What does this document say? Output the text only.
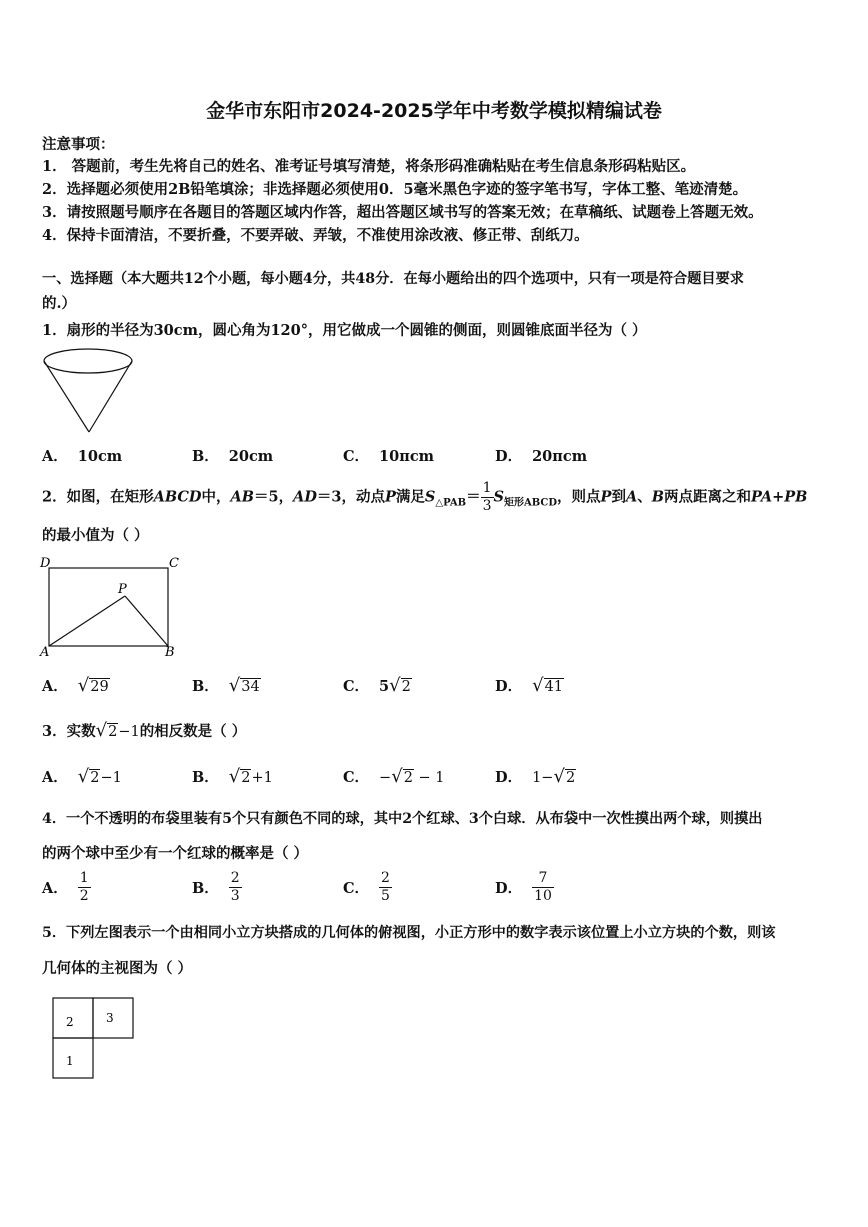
金华市东阳市2024-2025学年中考数学模拟精编试卷
注意事项：
1． 答题前，考生先将自己的姓名、准考证号填写清楚，将条形码准确粘贴在考生信息条形码粘贴区。
2．选择题必须使用2B铅笔填涂；非选择题必须使用0．5毫米黑色字迹的签字笔书写，字体工整、笔迹清楚。
3．请按照题号顺序在各题目的答题区域内作答，超出答题区域书写的答案无效；在草稿纸、试题卷上答题无效。
4．保持卡面清洁，不要折叠，不要弄破、弄皱，不准使用涂改液、修正带、刮纸刀。
一、选择题（本大题共12个小题，每小题4分，共48分．在每小题给出的四个选项中，只有一项是符合题目要求
的.）
1．扇形的半径为30cm，圆心角为120°，用它做成一个圆锥的侧面，则圆锥底面半径为（ ）
A． 10cm	B． 20cm	C． 10πcm	D． 20πcm
2．如图，在矩形ABCD中，AB＝5，AD＝3，动点P满足$S_{\triangle PAB}= \frac{1}{3} S_{矩形ABCD}$，则点P到A、B两点距离之和PA+PB
的最小值为（ ）
D	C
P
A	B
A． √29	B． √34	C． 5√2	D． √41
3．实数√2−1的相反数是（ ）
A． √2−1	B． √2+1	C． −√2 − 1	D． 1−√2
4．一个不透明的布袋里装有5个只有颜色不同的球，其中2个红球、3个白球．从布袋中一次性摸出两个球，则摸出
的两个球中至少有一个红球的概率是（ ）
A． $\frac{1}{2}$	B． $\frac{2}{3}$	C． $\frac{2}{5}$	D． $\frac{7}{10}$
5．下列左图表示一个由相同小立方块搭成的几何体的俯视图，小正方形中的数字表示该位置上小立方块的个数，则该
几何体的主视图为（ ）
2	3
1
